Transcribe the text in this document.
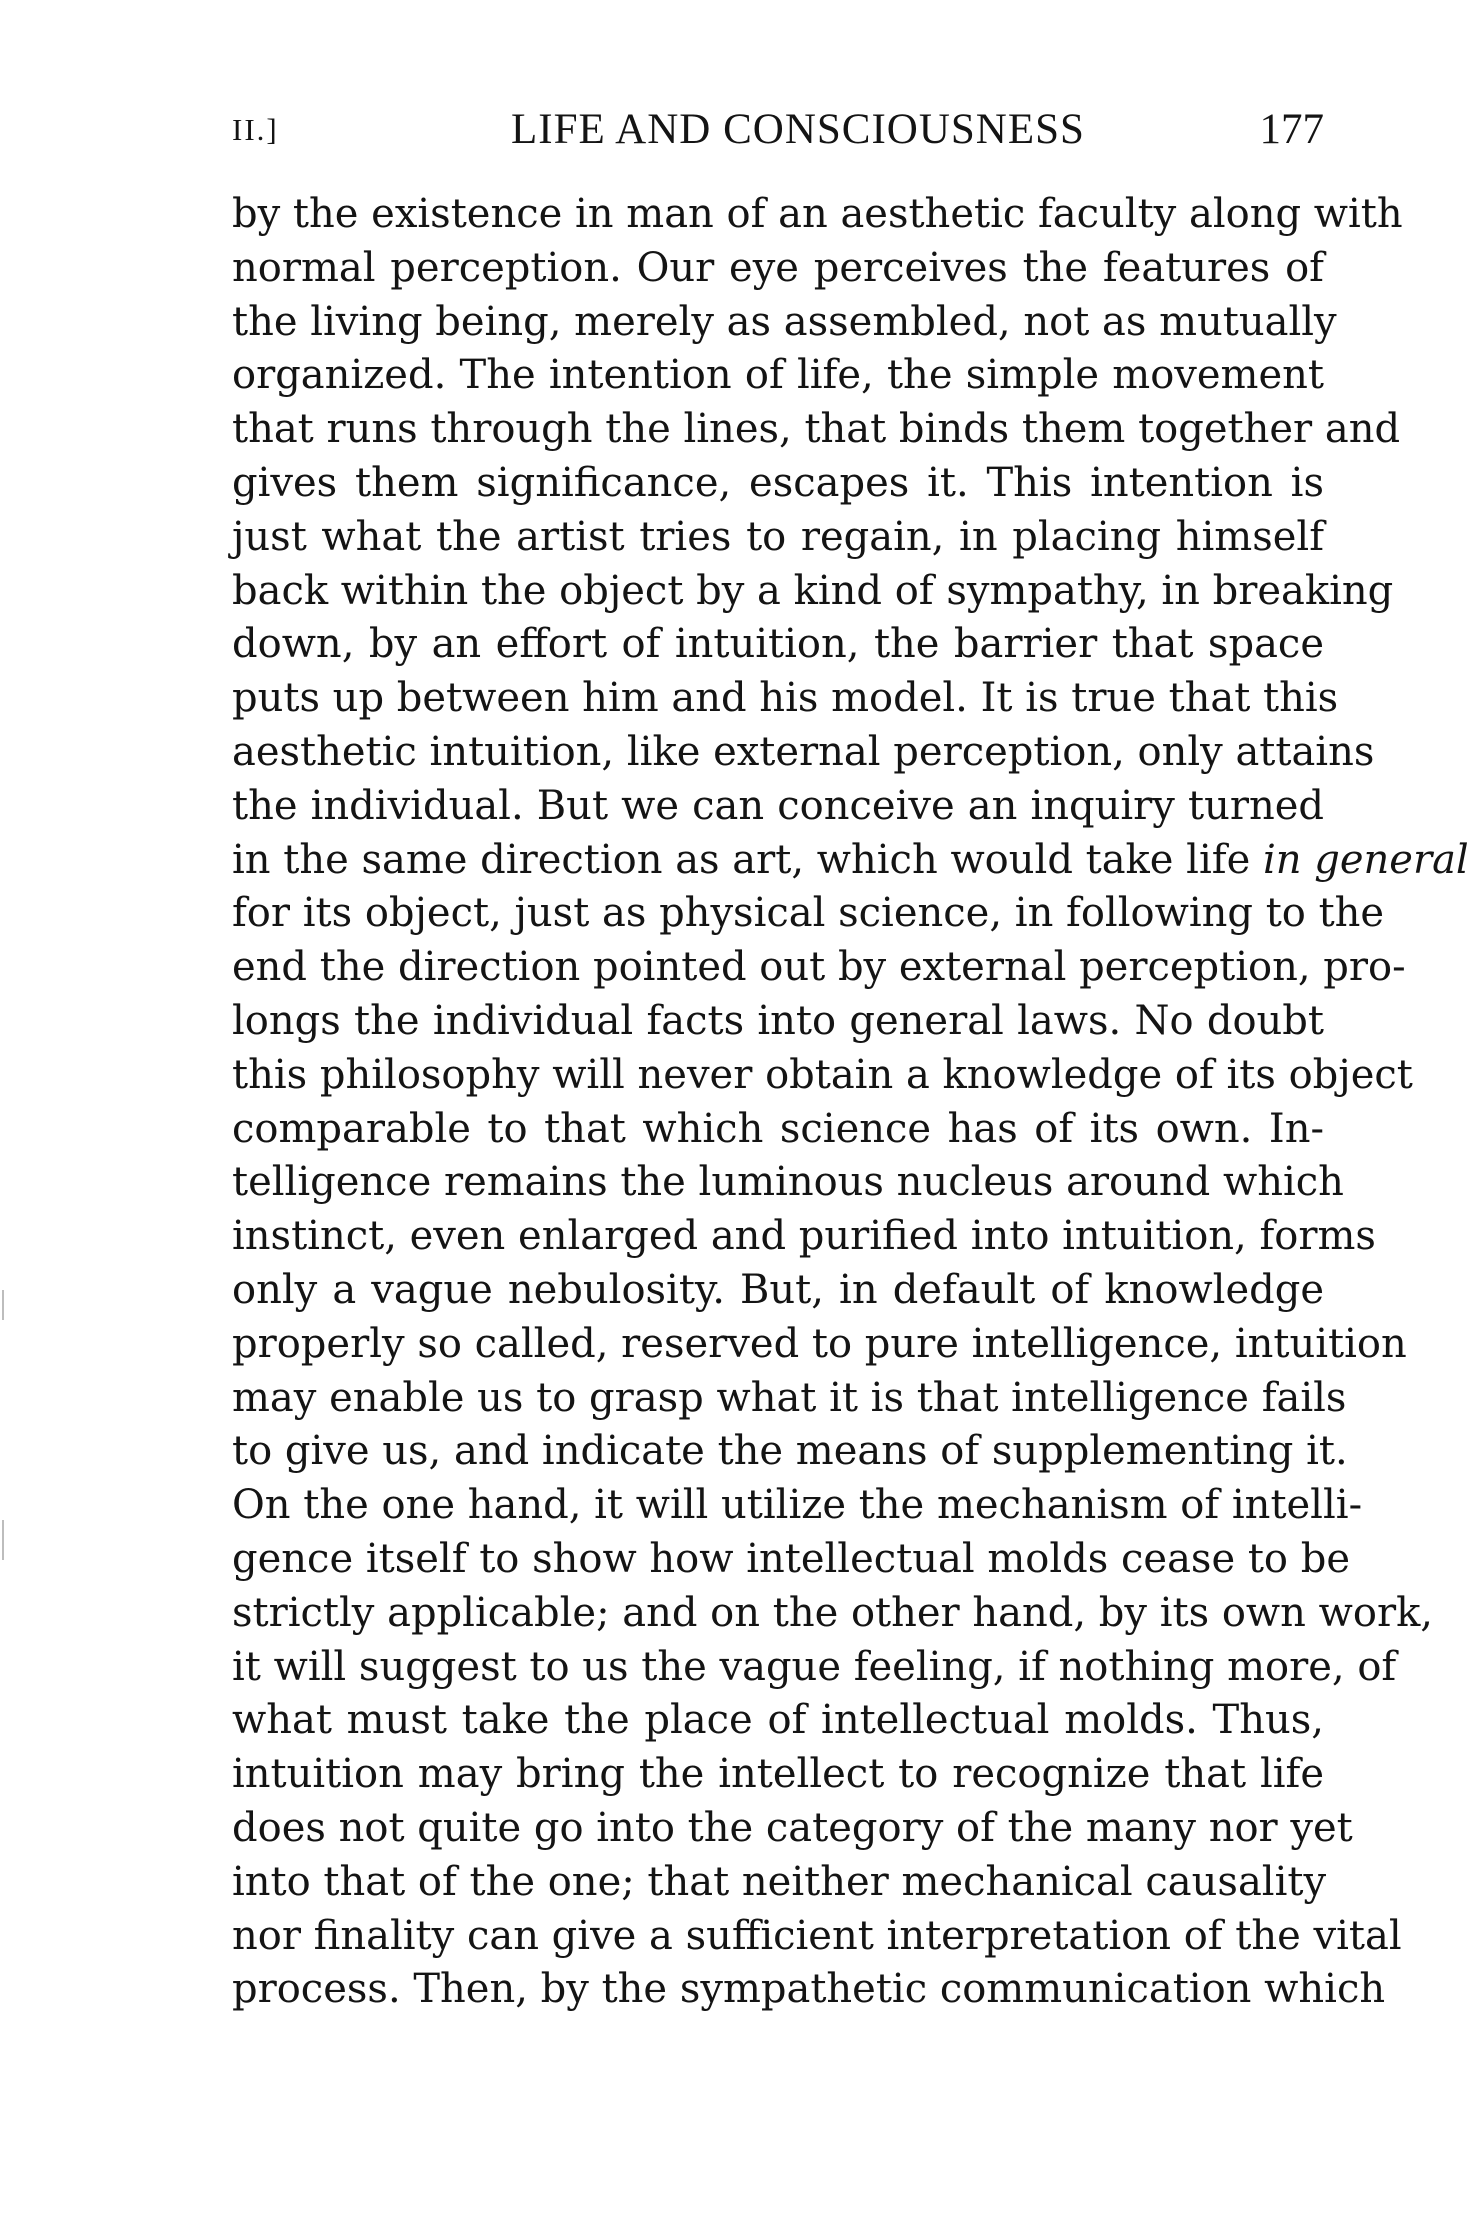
II.]	LIFE AND CONSCIOUSNESS	177
by the existence in man of an aesthetic faculty along with
normal perception. Our eye perceives the features of
the living being, merely as assembled, not as mutually
organized. The intention of life, the simple movement
that runs through the lines, that binds them together and
gives them significance, escapes it. This intention is
just what the artist tries to regain, in placing himself
back within the object by a kind of sympathy, in breaking
down, by an effort of intuition, the barrier that space
puts up between him and his model. It is true that this
aesthetic intuition, like external perception, only attains
the individual. But we can conceive an inquiry turned
in the same direction as art, which would take life in general
for its object, just as physical science, in following to the
end the direction pointed out by external perception, pro-
longs the individual facts into general laws. No doubt
this philosophy will never obtain a knowledge of its object
comparable to that which science has of its own. In-
telligence remains the luminous nucleus around which
instinct, even enlarged and purified into intuition, forms
only a vague nebulosity. But, in default of knowledge
properly so called, reserved to pure intelligence, intuition
may enable us to grasp what it is that intelligence fails
to give us, and indicate the means of supplementing it.
On the one hand, it will utilize the mechanism of intelli-
gence itself to show how intellectual molds cease to be
strictly applicable; and on the other hand, by its own work,
it will suggest to us the vague feeling, if nothing more, of
what must take the place of intellectual molds. Thus,
intuition may bring the intellect to recognize that life
does not quite go into the category of the many nor yet
into that of the one; that neither mechanical causality
nor finality can give a sufficient interpretation of the vital
process. Then, by the sympathetic communication which
